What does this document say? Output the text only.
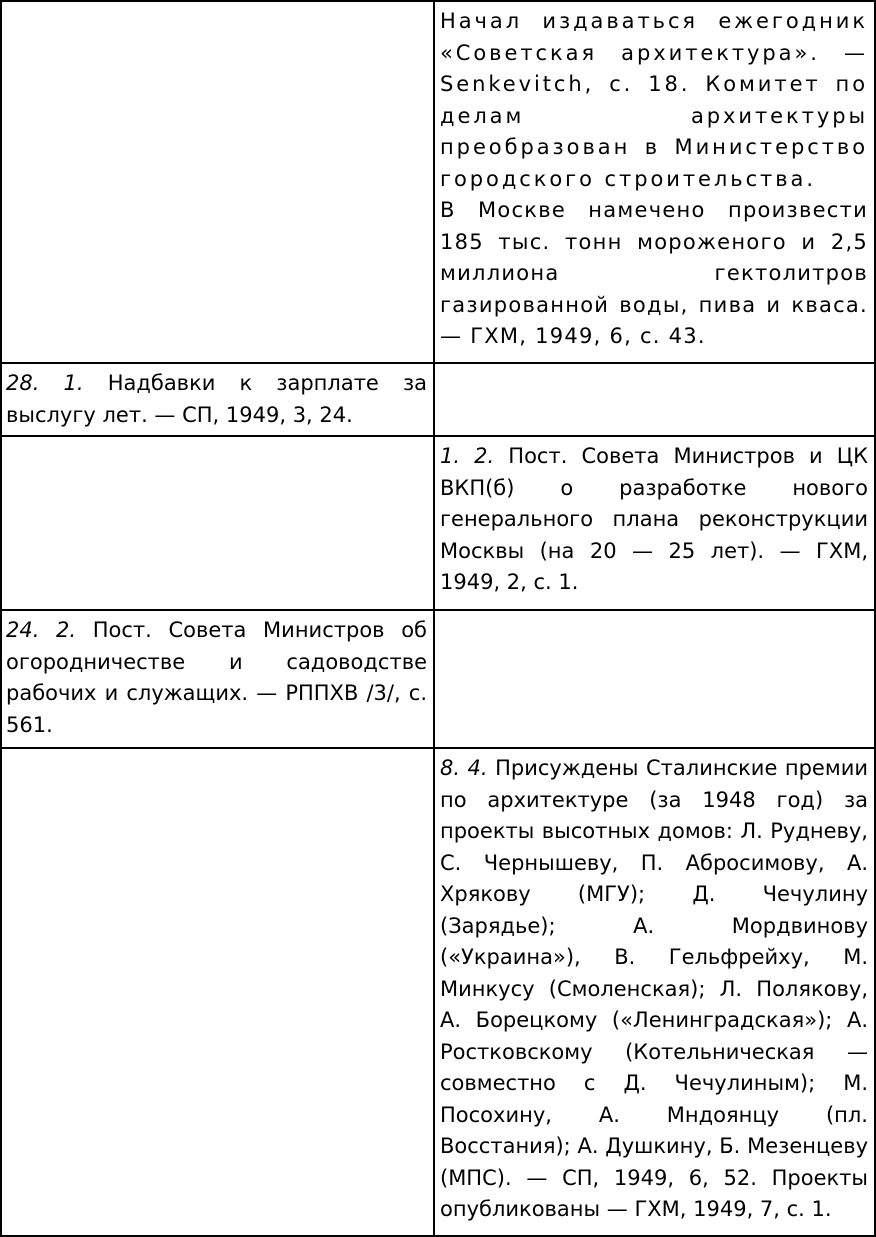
	Начал издаваться ежегодник «Советская архитектура». — Senkevitch, с. 18. Комитет по делам архитектуры преобразован в Министерство городского строительства.
В Москве намечено произвести 185 тыс. тонн мороженого и 2,5 миллиона гектолитров газированной воды, пива и кваса. — ГХМ, 1949, 6, с. 43.

28. 1. Надбавки к зарплате за выслугу лет. — СП, 1949, 3, 24.	
	1. 2. Пост. Совета Министров и ЦК ВКП(б) о разработке нового генерального плана реконструкции Москвы (на 20 — 25 лет). — ГХМ, 1949, 2, с. 1.
24. 2. Пост. Совета Министров об огородничестве и садоводстве рабочих и служащих. — РППХВ /3/, с. 561.	
	8. 4. Присуждены Сталинские премии по архитектуре (за 1948 год) за проекты высотных домов: Л. Рудневу, С. Чернышеву, П. Абросимову, А. Хрякову (МГУ); Д. Чечулину (Зарядье); А. Мордвинову («Украина»), В. Гельфрейху, М. Минкусу (Смоленская); Л. Полякову, А. Борецкому («Ленинградская»); А. Ростковскому (Котельническая — совместно с Д. Чечулиным); М. Посохину, А. Мндоянцу (пл. Восстания); А. Душкину, Б. Мезенцеву (МПС). — СП, 1949, 6, 52. Проекты опубликованы — ГХМ, 1949, 7, с. 1.
